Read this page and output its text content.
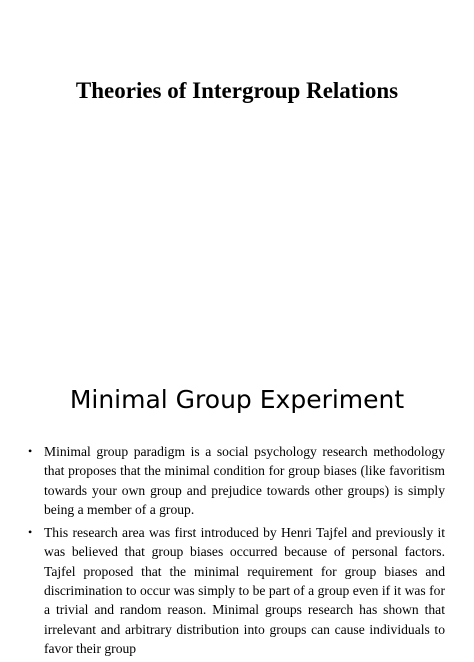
Theories of Intergroup Relations
Minimal Group Experiment
• Minimal group paradigm is a social psychology research methodology that proposes that the minimal condition for group biases (like favoritism towards your own group and prejudice towards other groups) is simply being a member of a group.
• This research area was first introduced by Henri Tajfel and previously it was believed that group biases occurred because of personal factors. Tajfel proposed that the minimal requirement for group biases and discrimination to occur was simply to be part of a group even if it was for a trivial and random reason. Minimal groups research has shown that irrelevant and arbitrary distribution into groups can cause individuals to favor their group
